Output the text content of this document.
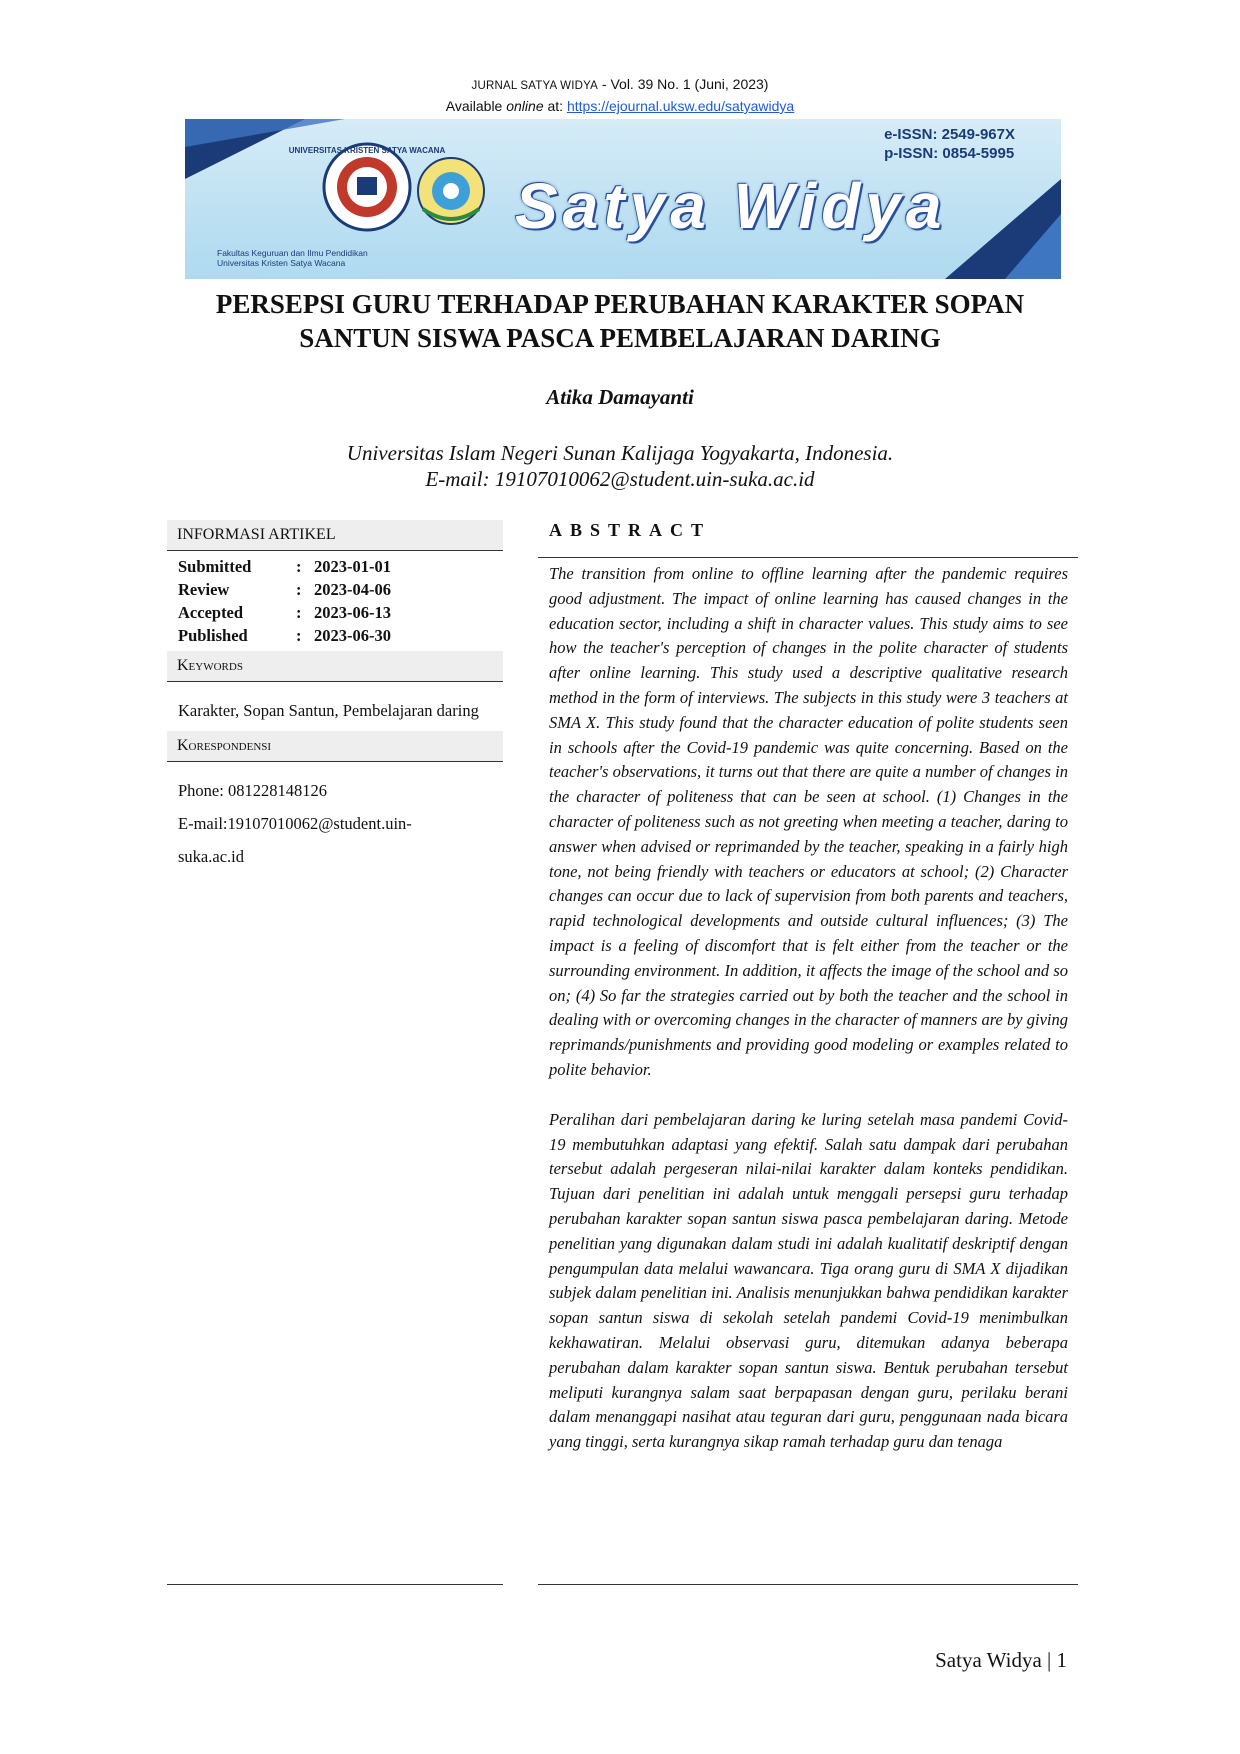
JURNAL SATYA WIDYA - Vol. 39 No. 1 (Juni, 2023)
Available online at: https://ejournal.uksw.edu/satyawidya
UNIVERSITAS KRISTEN SATYA WACANA
e-ISSN: 2549-967X
p-ISSN: 0854-5995
Satya Widya
Fakultas Keguruan dan Ilmu Pendidikan
Universitas Kristen Satya Wacana
PERSEPSI GURU TERHADAP PERUBAHAN KARAKTER SOPAN
SANTUN SISWA PASCA PEMBELAJARAN DARING
Atika Damayanti
Universitas Islam Negeri Sunan Kalijaga Yogyakarta, Indonesia.
E-mail: 19107010062@student.uin-suka.ac.id
INFORMASI ARTIKEL
Submitted	:	2023-01-01
Review	:	2023-04-06
Accepted	:	2023-06-13
Published	:	2023-06-30
Keywords
Karakter, Sopan Santun, Pembelajaran daring
Korespondensi
Phone: 081228148126
E-mail:19107010062@student.uin-
suka.ac.id
ABSTRACT

The transition from online to offline learning after the pandemic requires good adjustment. The impact of online learning has caused changes in the education sector, including a shift in character values. This study aims to see how the teacher's perception of changes in the polite character of students after online learning. This study used a descriptive qualitative research method in the form of interviews. The subjects in this study were 3 teachers at SMA X. This study found that the character education of polite students seen in schools after the Covid-19 pandemic was quite concerning. Based on the teacher's observations, it turns out that there are quite a number of changes in the character of politeness that can be seen at school. (1) Changes in the character of politeness such as not greeting when meeting a teacher, daring to answer when advised or reprimanded by the teacher, speaking in a fairly high tone, not being friendly with teachers or educators at school; (2) Character changes can occur due to lack of supervision from both parents and teachers, rapid technological developments and outside cultural influences; (3) The impact is a feeling of discomfort that is felt either from the teacher or the surrounding environment. In addition, it affects the image of the school and so on; (4) So far the strategies carried out by both the teacher and the school in dealing with or overcoming changes in the character of manners are by giving reprimands/punishments and providing good modeling or examples related to polite behavior.

Peralihan dari pembelajaran daring ke luring setelah masa pandemi Covid-19 membutuhkan adaptasi yang efektif. Salah satu dampak dari perubahan tersebut adalah pergeseran nilai-nilai karakter dalam konteks pendidikan. Tujuan dari penelitian ini adalah untuk menggali persepsi guru terhadap perubahan karakter sopan santun siswa pasca pembelajaran daring. Metode penelitian yang digunakan dalam studi ini adalah kualitatif deskriptif dengan pengumpulan data melalui wawancara. Tiga orang guru di SMA X dijadikan subjek dalam penelitian ini. Analisis menunjukkan bahwa pendidikan karakter sopan santun siswa di sekolah setelah pandemi Covid-19 menimbulkan kekhawatiran. Melalui observasi guru, ditemukan adanya beberapa perubahan dalam karakter sopan santun siswa. Bentuk perubahan tersebut meliputi kurangnya salam saat berpapasan dengan guru, perilaku berani dalam menanggapi nasihat atau teguran dari guru, penggunaan nada bicara yang tinggi, serta kurangnya sikap ramah terhadap guru dan tenaga

Satya Widya | 1
